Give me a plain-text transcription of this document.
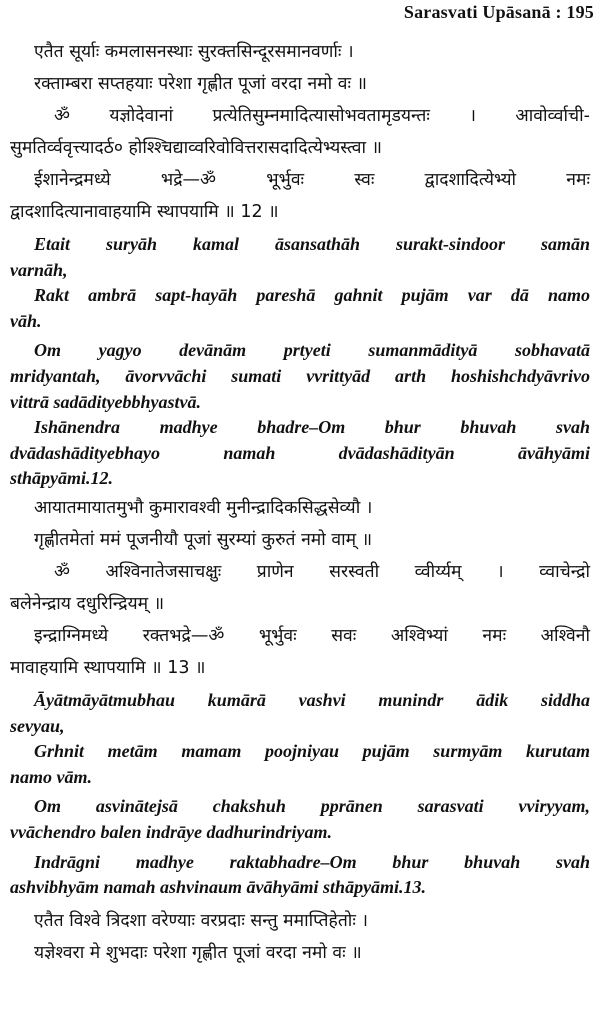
Sarasvati Upāsanā : 195
एतैत सूर्याः कमलासनस्थाः सुरक्तसिन्दूरसमानवर्णाः ।
रक्ताम्बरा सप्तहयाः परेशा गृह्णीत पूजां वरदा नमो वः ॥
ॐ यज्ञोदेवानां प्रत्येतिसुम्नमादित्यासोभवतामृडयन्तः । आवोर्व्वाची-
सुमतिर्व्ववृत्त्यादर्ठ० होश्श्चिद्याव्वरिवोवित्तरासदादित्येभ्यस्त्वा ॥
ईशानेन्द्रमध्ये भद्रे—ॐ भूर्भुवः स्वः द्वादशादित्येभ्यो नमः
द्वादशादित्यानावाहयामि स्थापयामि ॥ 12 ॥
Etait suryāh kamal āsansathāh surakt-sindoor samān
varnāh,
Rakt ambrā sapt-hayāh pareshā gahnit pujām var dā namo
vāh.
Om yagyo devānām prtyeti sumanmādityā sobhavatā
mridyantah, āvorvvāchi sumati vvrittyād arth hoshishchdyāvrivo
vittrā sadādityebbhyastvā.
Ishānendra madhye bhadre–Om bhur bhuvah svah
dvādashādityebhayo namah dvādashādityān āvāhyāmi
sthāpyāmi.12.
आयातमायातमुभौ कुमारावश्वी मुनीन्द्रादिकसिद्धसेव्यौ ।
गृह्णीतमेतां ममं पूजनीयौ पूजां सुरम्यां कुरुतं नमो वाम् ॥
ॐ अश्विनातेजसाचक्षुः प्राणेन सरस्वती व्वीर्य्यम् । व्वाचेन्द्रो
बलेनेन्द्राय दधुरिन्द्रियम् ॥
इन्द्राग्निमध्ये रक्तभद्रे—ॐ भूर्भुवः सवः अश्विभ्यां नमः अश्विनौ
मावाहयामि स्थापयामि ॥ 13 ॥
Āyātmāyātmubhau kumārā vashvi munindr ādik siddha
sevyau,
Grhnit metām mamam poojniyau pujām surmyām kurutam
namo vām.
Om asvinātejsā chakshuh pprānen sarasvati vviryyam,
vvāchendro balen indrāye dadhurindriyam.
Indrāgni madhye raktabhadre–Om bhur bhuvah svah
ashvibhyām namah ashvinaum āvāhyāmi sthāpyāmi.13.
एतैत विश्वे त्रिदशा वरेण्याः वरप्रदाः सन्तु ममाप्तिहेतोः ।
यज्ञेश्वरा मे शुभदाः परेशा गृह्णीत पूजां वरदा नमो वः ॥
